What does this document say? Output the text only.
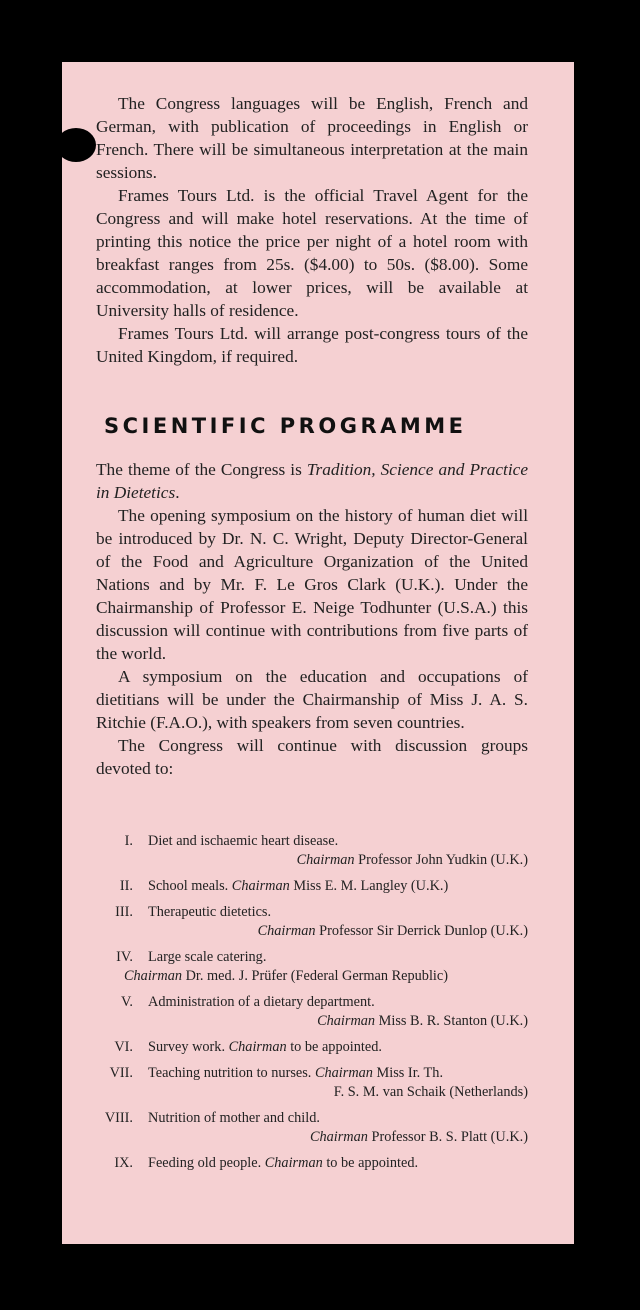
The Congress languages will be English, French and German, with publication of proceedings in English or French. There will be simultaneous interpretation at the main sessions.

Frames Tours Ltd. is the official Travel Agent for the Congress and will make hotel reservations. At the time of printing this notice the price per night of a hotel room with breakfast ranges from 25s. ($4.00) to 50s. ($8.00). Some accommodation, at lower prices, will be available at University halls of residence.

Frames Tours Ltd. will arrange post-congress tours of the United Kingdom, if required.

SCIENTIFIC PROGRAMME

The theme of the Congress is Tradition, Science and Practice in Dietetics.

The opening symposium on the history of human diet will be introduced by Dr. N. C. Wright, Deputy Director-General of the Food and Agriculture Organization of the United Nations and by Mr. F. Le Gros Clark (U.K.). Under the Chairmanship of Professor E. Neige Todhunter (U.S.A.) this discussion will continue with contributions from five parts of the world.

A symposium on the education and occupations of dietitians will be under the Chairmanship of Miss J. A. S. Ritchie (F.A.O.), with speakers from seven countries.

The Congress will continue with discussion groups devoted to:

I. Diet and ischaemic heart disease.
Chairman Professor John Yudkin (U.K.)
II. School meals. Chairman Miss E. M. Langley (U.K.)
III. Therapeutic dietetics.
Chairman Professor Sir Derrick Dunlop (U.K.)
IV. Large scale catering.
Chairman Dr. med. J. Prüfer (Federal German Republic)
V. Administration of a dietary department.
Chairman Miss B. R. Stanton (U.K.)
VI. Survey work. Chairman to be appointed.
VII. Teaching nutrition to nurses. Chairman Miss Ir. Th.
F. S. M. van Schaik (Netherlands)
VIII. Nutrition of mother and child.
Chairman Professor B. S. Platt (U.K.)
IX. Feeding old people. Chairman to be appointed.
